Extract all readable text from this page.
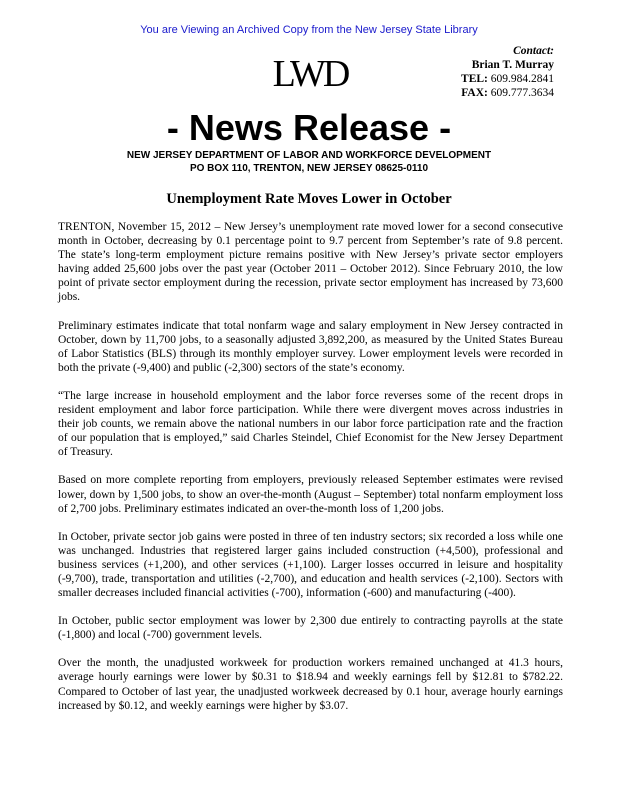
You are Viewing an Archived Copy from the New Jersey State Library
LWD
Contact:
Brian T. Murray
TEL: 609.984.2841
FAX: 609.777.3634
- News Release -
NEW JERSEY DEPARTMENT OF LABOR AND WORKFORCE DEVELOPMENT
PO BOX 110, TRENTON, NEW JERSEY 08625-0110
Unemployment Rate Moves Lower in October

TRENTON, November 15, 2012 – New Jersey’s unemployment rate moved lower for a second consecutive month in October, decreasing by 0.1 percentage point to 9.7 percent from September’s rate of 9.8 percent. The state’s long-term employment picture remains positive with New Jersey’s private sector employers having added 25,600 jobs over the past year (October 2011 – October 2012). Since February 2010, the low point of private sector employment during the recession, private sector employment has increased by 73,600 jobs.

Preliminary estimates indicate that total nonfarm wage and salary employment in New Jersey contracted in October, down by 11,700 jobs, to a seasonally adjusted 3,892,200, as measured by the United States Bureau of Labor Statistics (BLS) through its monthly employer survey. Lower employment levels were recorded in both the private (-9,400) and public (-2,300) sectors of the state’s economy.

“The large increase in household employment and the labor force reverses some of the recent drops in resident employment and labor force participation. While there were divergent moves across industries in their job counts, we remain above the national numbers in our labor force participation rate and the fraction of our population that is employed,” said Charles Steindel, Chief Economist for the New Jersey Department of Treasury.

Based on more complete reporting from employers, previously released September estimates were revised lower, down by 1,500 jobs, to show an over-the-month (August – September) total nonfarm employment loss of 2,700 jobs. Preliminary estimates indicated an over-the-month loss of 1,200 jobs.

In October, private sector job gains were posted in three of ten industry sectors; six recorded a loss while one was unchanged. Industries that registered larger gains included construction (+4,500), professional and business services (+1,200), and other services (+1,100). Larger losses occurred in leisure and hospitality (-9,700), trade, transportation and utilities (-2,700), and education and health services (-2,100). Sectors with smaller decreases included financial activities (-700), information (-600) and manufacturing (-400).

In October, public sector employment was lower by 2,300 due entirely to contracting payrolls at the state (-1,800) and local (-700) government levels.

Over the month, the unadjusted workweek for production workers remained unchanged at 41.3 hours, average hourly earnings were lower by $0.31 to $18.94 and weekly earnings fell by $12.81 to $782.22. Compared to October of last year, the unadjusted workweek decreased by 0.1 hour, average hourly earnings increased by $0.12, and weekly earnings were higher by $3.07.
